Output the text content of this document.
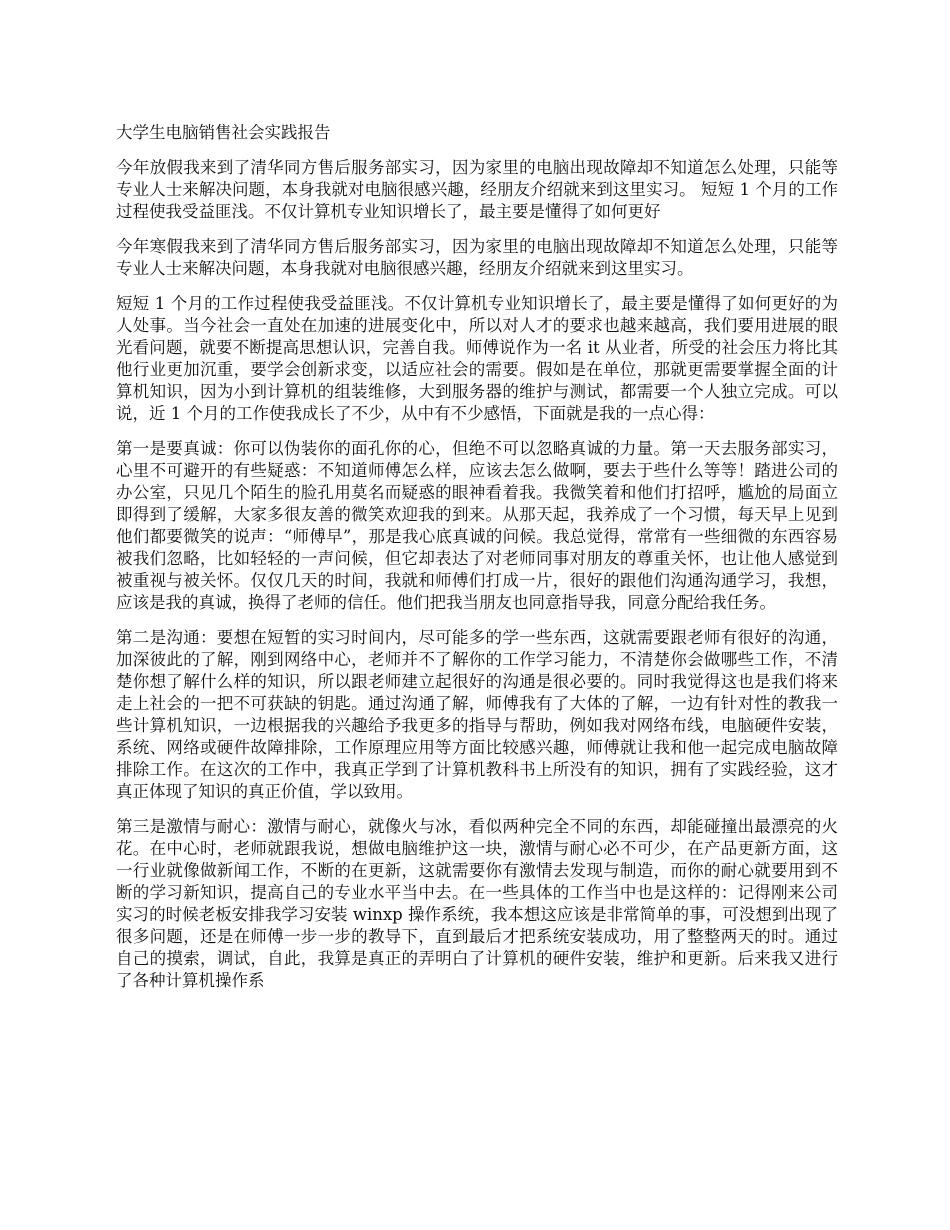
大学生电脑销售社会实践报告

今年放假我来到了清华同方售后服务部实习，因为家里的电脑出现故障却不知道怎么处理，只能等专业人士来解决问题，本身我就对电脑很感兴趣，经朋友介绍就来到这里实习。 短短 1 个月的工作过程使我受益匪浅。不仅计算机专业知识增长了，最主要是懂得了如何更好

今年寒假我来到了清华同方售后服务部实习，因为家里的电脑出现故障却不知道怎么处理，只能等专业人士来解决问题，本身我就对电脑很感兴趣，经朋友介绍就来到这里实习。

短短 1 个月的工作过程使我受益匪浅。不仅计算机专业知识增长了，最主要是懂得了如何更好的为人处事。当今社会一直处在加速的进展变化中，所以对人才的要求也越来越高，我们要用进展的眼光看问题，就要不断提高思想认识，完善自我。师傅说作为一名 it 从业者，所受的社会压力将比其他行业更加沉重，要学会创新求变，以适应社会的需要。假如是在单位，那就更需要掌握全面的计算机知识，因为小到计算机的组装维修，大到服务器的维护与测试，都需要一个人独立完成。可以说，近 1 个月的工作使我成长了不少，从中有不少感悟，下面就是我的一点心得：

第一是要真诚：你可以伪装你的面孔你的心，但绝不可以忽略真诚的力量。第一天去服务部实习，心里不可避开的有些疑惑：不知道师傅怎么样，应该去怎么做啊，要去于些什么等等！踏进公司的办公室，只见几个陌生的脸孔用莫名而疑惑的眼神看着我。我微笑着和他们打招呼，尴尬的局面立即得到了缓解，大家多很友善的微笑欢迎我的到来。从那天起，我养成了一个习惯，每天早上见到他们都要微笑的说声：“师傅早”，那是我心底真诚的问候。我总觉得，常常有一些细微的东西容易被我们忽略，比如轻轻的一声问候，但它却表达了对老师同事对朋友的尊重关怀，也让他人感觉到被重视与被关怀。仅仅几天的时间，我就和师傅们打成一片，很好的跟他们沟通沟通学习，我想，应该是我的真诚，换得了老师的信任。他们把我当朋友也同意指导我，同意分配给我任务。

第二是沟通：要想在短暂的实习时间内，尽可能多的学一些东西，这就需要跟老师有很好的沟通，加深彼此的了解，刚到网络中心，老师并不了解你的工作学习能力，不清楚你会做哪些工作，不清楚你想了解什么样的知识，所以跟老师建立起很好的沟通是很必要的。同时我觉得这也是我们将来走上社会的一把不可获缺的钥匙。通过沟通了解，师傅我有了大体的了解，一边有针对性的教我一些计算机知识，一边根据我的兴趣给予我更多的指导与帮助，例如我对网络布线，电脑硬件安装，系统、网络或硬件故障排除，工作原理应用等方面比较感兴趣，师傅就让我和他一起完成电脑故障排除工作。在这次的工作中，我真正学到了计算机教科书上所没有的知识，拥有了实践经验，这才真正体现了知识的真正价值，学以致用。

第三是激情与耐心：激情与耐心，就像火与冰，看似两种完全不同的东西，却能碰撞出最漂亮的火花。在中心时，老师就跟我说，想做电脑维护这一块，激情与耐心必不可少，在产品更新方面，这一行业就像做新闻工作，不断的在更新，这就需要你有激情去发现与制造，而你的耐心就要用到不断的学习新知识，提高自己的专业水平当中去。在一些具体的工作当中也是这样的：记得刚来公司实习的时候老板安排我学习安装 winxp 操作系统，我本想这应该是非常简单的事，可没想到出现了很多问题，还是在师傅一步一步的教导下，直到最后才把系统安装成功，用了整整两天的时。通过自己的摸索，调试，自此，我算是真正的弄明白了计算机的硬件安装，维护和更新。后来我又进行了各种计算机操作系
